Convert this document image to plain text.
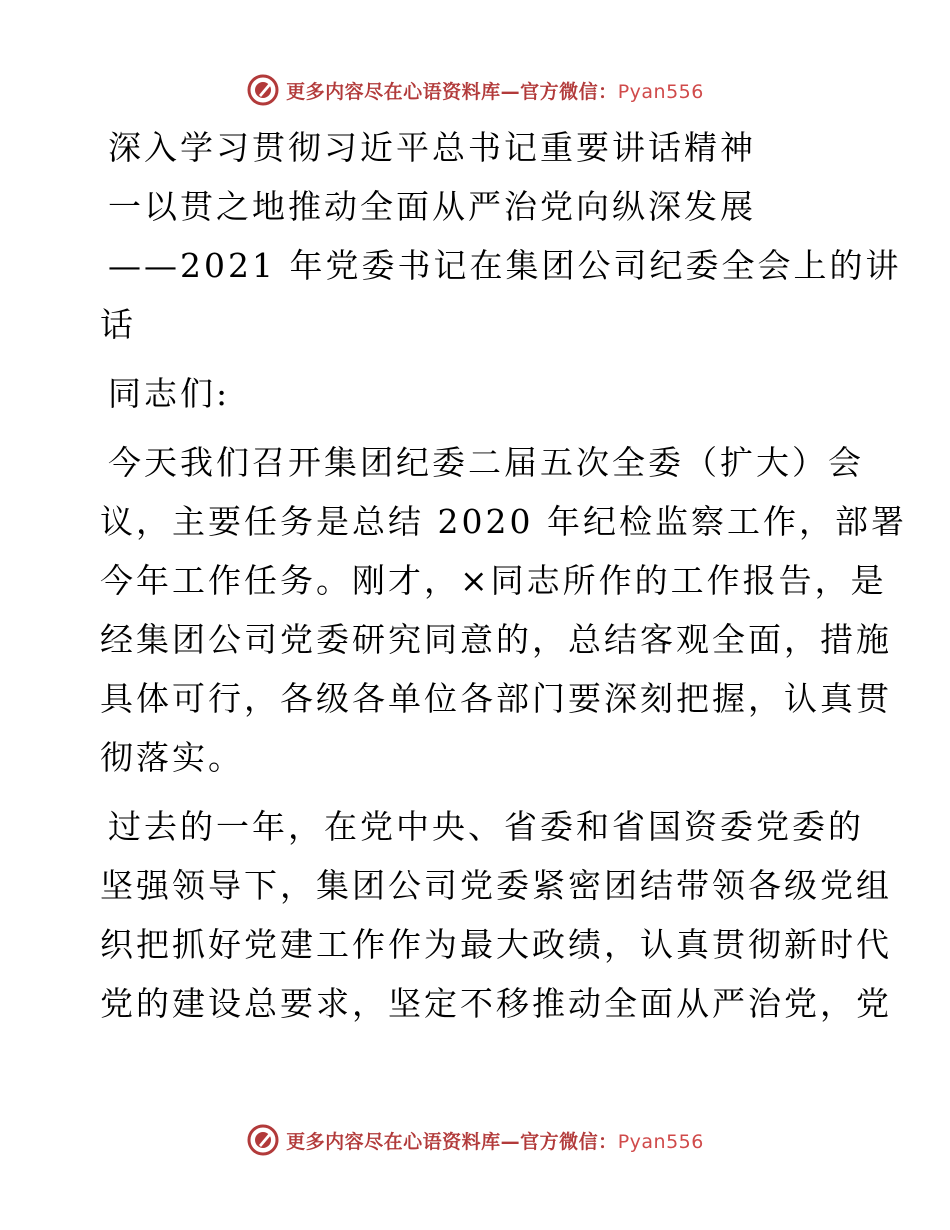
更多内容尽在心语资料库—官方微信：Pyan556

深入学习贯彻习近平总书记重要讲话精神

一以贯之地推动全面从严治党向纵深发展

——2021 年党委书记在集团公司纪委全会上的讲

话

同志们:

今天我们召开集团纪委二届五次全委（扩大）会

议，主要任务是总结 2020 年纪检监察工作，部署

今年工作任务。刚才，×同志所作的工作报告，是

经集团公司党委研究同意的，总结客观全面，措施

具体可行，各级各单位各部门要深刻把握，认真贯

彻落实。

过去的一年，在党中央、省委和省国资委党委的

坚强领导下，集团公司党委紧密团结带领各级党组

织把抓好党建工作作为最大政绩，认真贯彻新时代

党的建设总要求，坚定不移推动全面从严治党，党

更多内容尽在心语资料库—官方微信：Pyan556
